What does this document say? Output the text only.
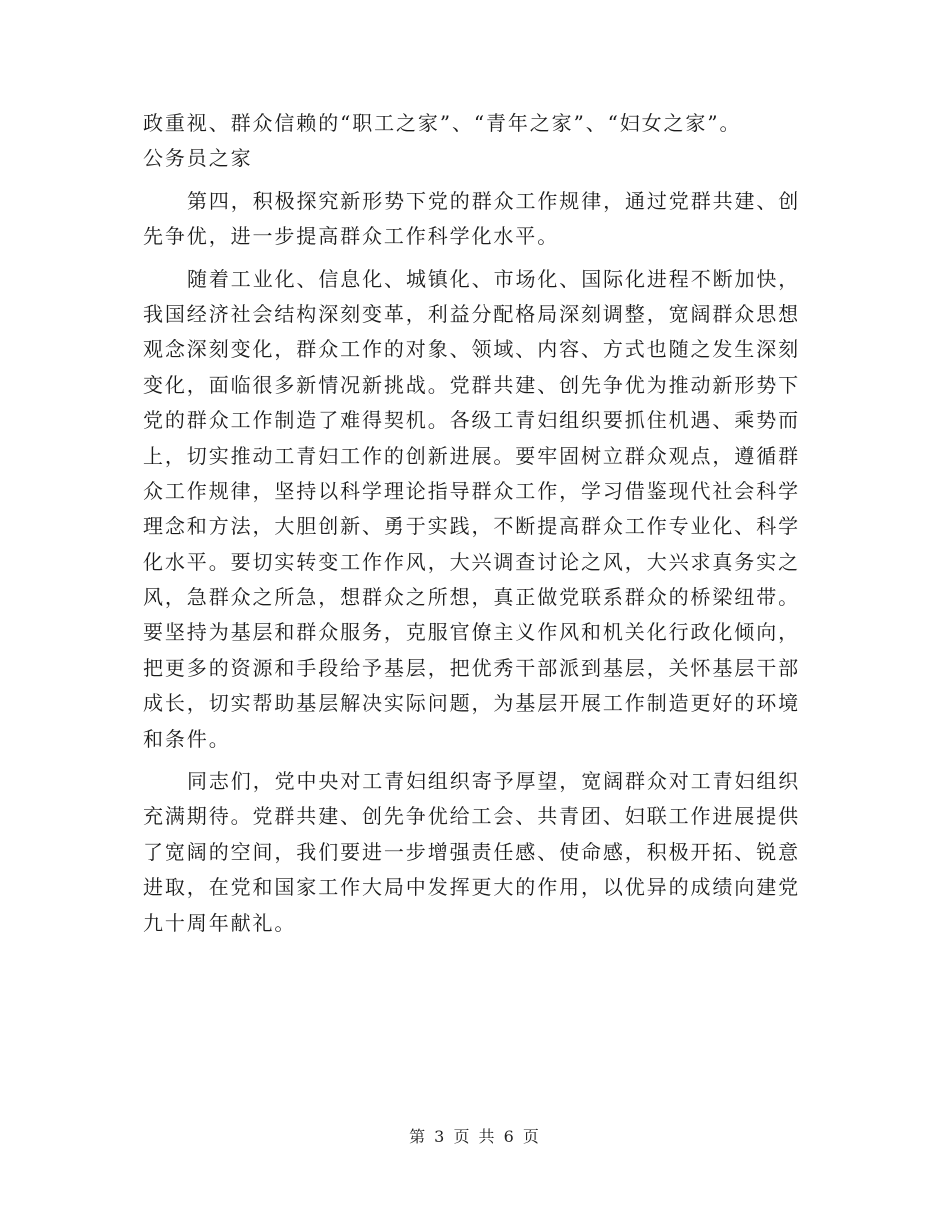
政重视、群众信赖的“职工之家”、“青年之家”、“妇女之家”。
公务员之家
第四，积极探究新形势下党的群众工作规律，通过党群共建、创
先争优，进一步提高群众工作科学化水平。
随着工业化、信息化、城镇化、市场化、国际化进程不断加快，
我国经济社会结构深刻变革，利益分配格局深刻调整，宽阔群众思想
观念深刻变化，群众工作的对象、领域、内容、方式也随之发生深刻
变化，面临很多新情况新挑战。党群共建、创先争优为推动新形势下
党的群众工作制造了难得契机。各级工青妇组织要抓住机遇、乘势而
上，切实推动工青妇工作的创新进展。要牢固树立群众观点，遵循群
众工作规律，坚持以科学理论指导群众工作，学习借鉴现代社会科学
理念和方法，大胆创新、勇于实践，不断提高群众工作专业化、科学
化水平。要切实转变工作作风，大兴调查讨论之风，大兴求真务实之
风，急群众之所急，想群众之所想，真正做党联系群众的桥梁纽带。
要坚持为基层和群众服务，克服官僚主义作风和机关化行政化倾向，
把更多的资源和手段给予基层，把优秀干部派到基层，关怀基层干部
成长，切实帮助基层解决实际问题，为基层开展工作制造更好的环境
和条件。
同志们，党中央对工青妇组织寄予厚望，宽阔群众对工青妇组织
充满期待。党群共建、创先争优给工会、共青团、妇联工作进展提供
了宽阔的空间，我们要进一步增强责任感、使命感，积极开拓、锐意
进取，在党和国家工作大局中发挥更大的作用，以优异的成绩向建党
九十周年献礼。
第 3 页 共 6 页
